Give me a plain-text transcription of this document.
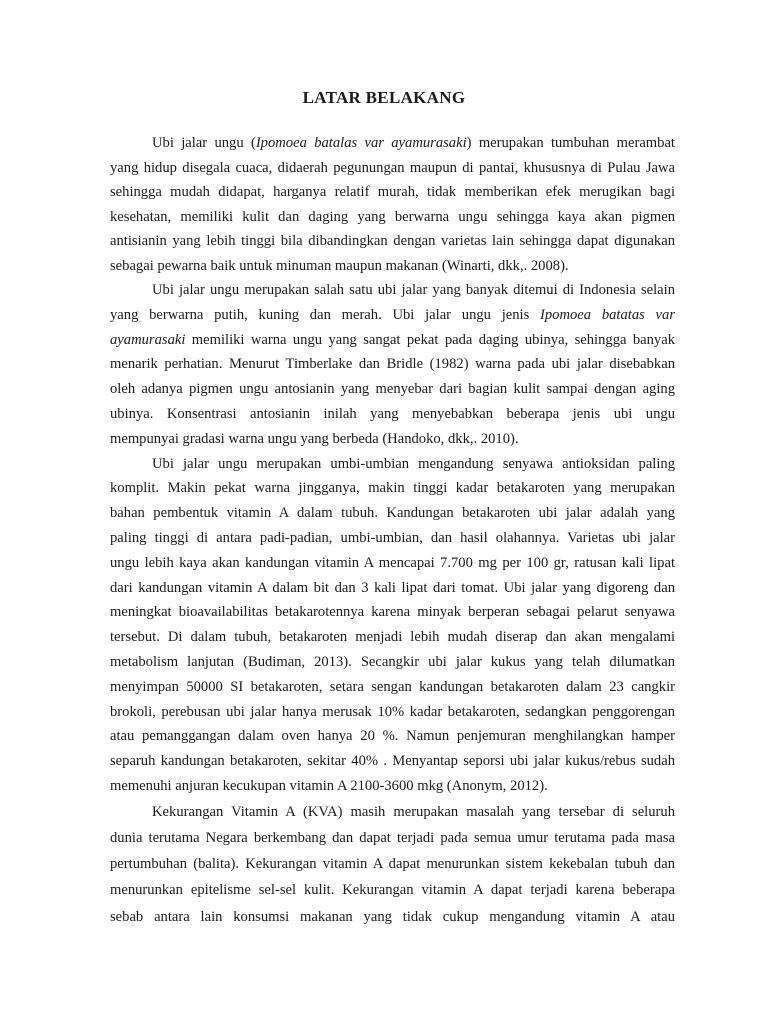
LATAR BELAKANG

Ubi jalar ungu (Ipomoea batalas var ayamurasaki) merupakan tumbuhan merambat
yang hidup disegala cuaca, didaerah pegunungan maupun di pantai, khususnya di Pulau Jawa
sehingga mudah didapat, harganya relatif murah, tidak memberikan efek merugikan bagi
kesehatan, memiliki kulit dan daging yang berwarna ungu sehingga kaya akan pigmen
antisianin yang lebih tinggi bila dibandingkan dengan varietas lain sehingga dapat digunakan
sebagai pewarna baik untuk minuman maupun makanan (Winarti, dkk,. 2008).

Ubi jalar ungu merupakan salah satu ubi jalar yang banyak ditemui di Indonesia selain
yang berwarna putih, kuning dan merah. Ubi jalar ungu jenis Ipomoea batatas var
ayamurasaki memiliki warna ungu yang sangat pekat pada daging ubinya, sehingga banyak
menarik perhatian. Menurut Timberlake dan Bridle (1982) warna pada ubi jalar disebabkan
oleh adanya pigmen ungu antosianin yang menyebar dari bagian kulit sampai dengan aging
ubinya. Konsentrasi antosianin inilah yang menyebabkan beberapa jenis ubi ungu
mempunyai gradasi warna ungu yang berbeda (Handoko, dkk,. 2010).

Ubi jalar ungu merupakan umbi-umbian mengandung senyawa antioksidan paling
komplit. Makin pekat warna jingganya, makin tinggi kadar betakaroten yang merupakan
bahan pembentuk vitamin A dalam tubuh. Kandungan betakaroten ubi jalar adalah yang
paling tinggi di antara padi-padian, umbi-umbian, dan hasil olahannya. Varietas ubi jalar
ungu lebih kaya akan kandungan vitamin A mencapai 7.700 mg per 100 gr, ratusan kali lipat
dari kandungan vitamin A dalam bit dan 3 kali lipat dari tomat. Ubi jalar yang digoreng dan
meningkat bioavailabilitas betakarotennya karena minyak berperan sebagai pelarut senyawa
tersebut. Di dalam tubuh, betakaroten menjadi lebih mudah diserap dan akan mengalami
metabolism lanjutan (Budiman, 2013). Secangkir ubi jalar kukus yang telah dilumatkan
menyimpan 50000 SI betakaroten, setara sengan kandungan betakaroten dalam 23 cangkir
brokoli, perebusan ubi jalar hanya merusak 10% kadar betakaroten, sedangkan penggorengan
atau pemanggangan dalam oven hanya 20 %. Namun penjemuran menghilangkan hamper
separuh kandungan betakaroten, sekitar 40% . Menyantap seporsi ubi jalar kukus/rebus sudah
memenuhi anjuran kecukupan vitamin A 2100-3600 mkg (Anonym, 2012).

Kekurangan Vitamin A (KVA) masih merupakan masalah yang tersebar di seluruh
dunia terutama Negara berkembang dan dapat terjadi pada semua umur terutama pada masa
pertumbuhan (balita). Kekurangan vitamin A dapat menurunkan sistem kekebalan tubuh dan
menurunkan epitelisme sel-sel kulit. Kekurangan vitamin A dapat terjadi karena beberapa
sebab antara lain konsumsi makanan yang tidak cukup mengandung vitamin A atau
